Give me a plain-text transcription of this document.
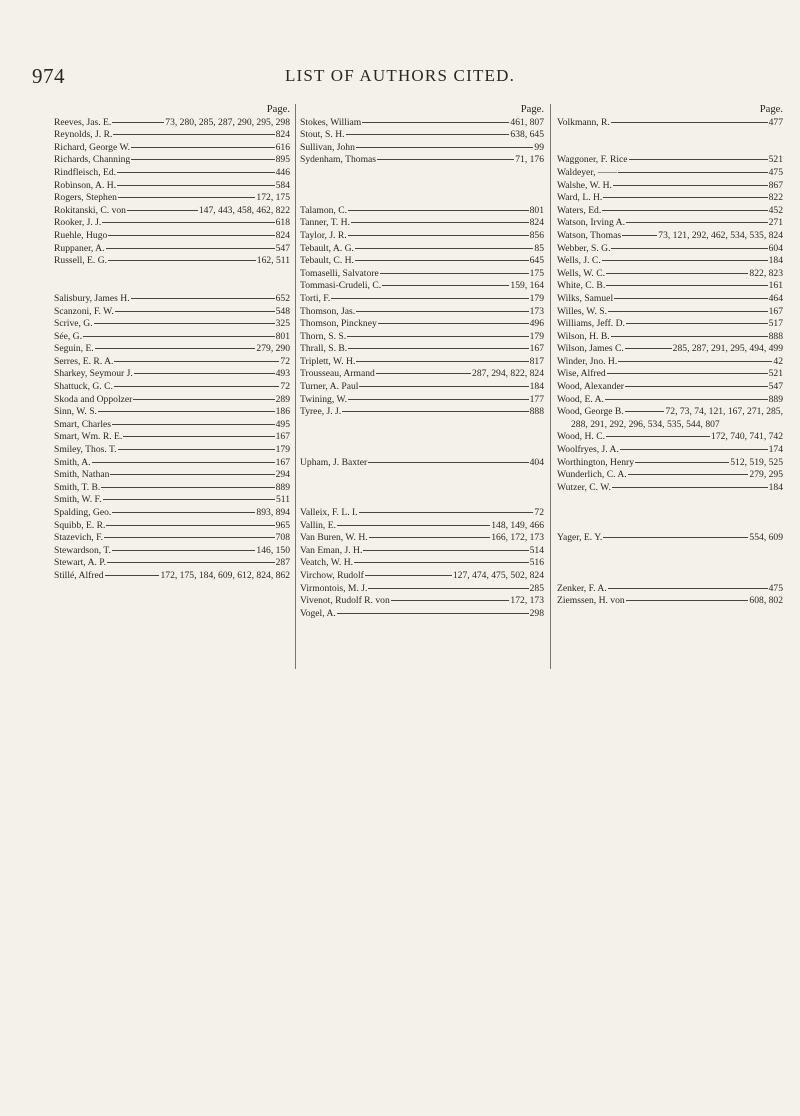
974	LIST OF AUTHORS CITED.
Page.
Reeves, Jas. E.	73, 280, 285, 287, 290, 295, 298
Reynolds, J. R.	824
Richard, George W.	616
Richards, Channing	895
Rindfleisch, Ed.	446
Robinson, A. H.	584
Rogers, Stephen	172, 175
Rokitanski, C. von	147, 443, 458, 462, 822
Rooker, J. J.	618
Ruehle, Hugo	824
Ruppaner, A.	547
Russell, E. G.	162, 511
Salisbury, James H.	652
Scanzoni, F. W.	548
Scrive, G.	325
Sée, G.	801
Seguin, E.	279, 290
Serres, E. R. A.	72
Sharkey, Seymour J.	493
Shattuck, G. C.	72
Skoda and Oppolzer	289
Sinn, W. S.	186
Smart, Charles	495
Smart, Wm. R. E.	167
Smiley, Thos. T.	179
Smith, A.	167
Smith, Nathan	294
Smith, T. B.	889
Smith, W. F.	511
Spalding, Geo.	893, 894
Squibb, E. R.	965
Stazevich, F.	708
Stewardson, T.	146, 150
Stewart, A. P.	287
Stillé, Alfred	172, 175, 184, 609, 612, 824, 862
Page.
Stokes, William	461, 807
Stout, S. H.	638, 645
Sullivan, John	99
Sydenham, Thomas	71, 176
Talamon, C.	801
Tanner, T. H.	824
Taylor, J. R.	856
Tebault, A. G.	85
Tebault, C. H.	645
Tomaselli, Salvatore	175
Tommasi-Crudeli, C.	159, 164
Torti, F.	179
Thomson, Jas.	173
Thomson, Pinckney	496
Thorn, S. S.	179
Thrall, S. B.	167
Triplett, W. H.	817
Trousseau, Armand	287, 294, 822, 824
Turner, A. Paul	184
Twining, W.	177
Tyree, J. J.	888
Upham, J. Baxter	404
Valleix, F. L. I.	72
Vallin, E.	148, 149, 466
Van Buren, W. H.	166, 172, 173
Van Eman, J. H.	514
Veatch, W. H.	516
Virchow, Rudolf	127, 474, 475, 502, 824
Virmontois, M. J.	285
Vivenot, Rudolf R. von	172, 173
Vogel, A.	298
Page.
Volkmann, R.	477
Waggoner, F. Rice	521
Waldeyer, ——	475
Walshe, W. H.	867
Ward, L. H.	822
Waters, Ed.	452
Watson, Irving A.	271
Watson, Thomas	73, 121, 292, 462, 534, 535, 824
Webber, S. G.	604
Wells, J. C.	184
Wells, W. C.	822, 823
White, C. B.	161
Wilks, Samuel	464
Willes, W. S.	167
Williams, Jeff. D.	517
Wilson, H. B.	888
Wilson, James C.	285, 287, 291, 295, 494, 499
Winder, Jno. H.	42
Wise, Alfred	521
Wood, Alexander	547
Wood, E. A.	889
Wood, George B.	72, 73, 74, 121, 167, 271, 285,
288, 291, 292, 296, 534, 535, 544, 807
Wood, H. C.	172, 740, 741, 742
Woolfryes, J. A.	174
Worthington, Henry	512, 519, 525
Wunderlich, C. A.	279, 295
Wutzer, C. W.	184
Yager, E. Y.	554, 609
Zenker, F. A.	475
Ziemssen, H. von	608, 802
